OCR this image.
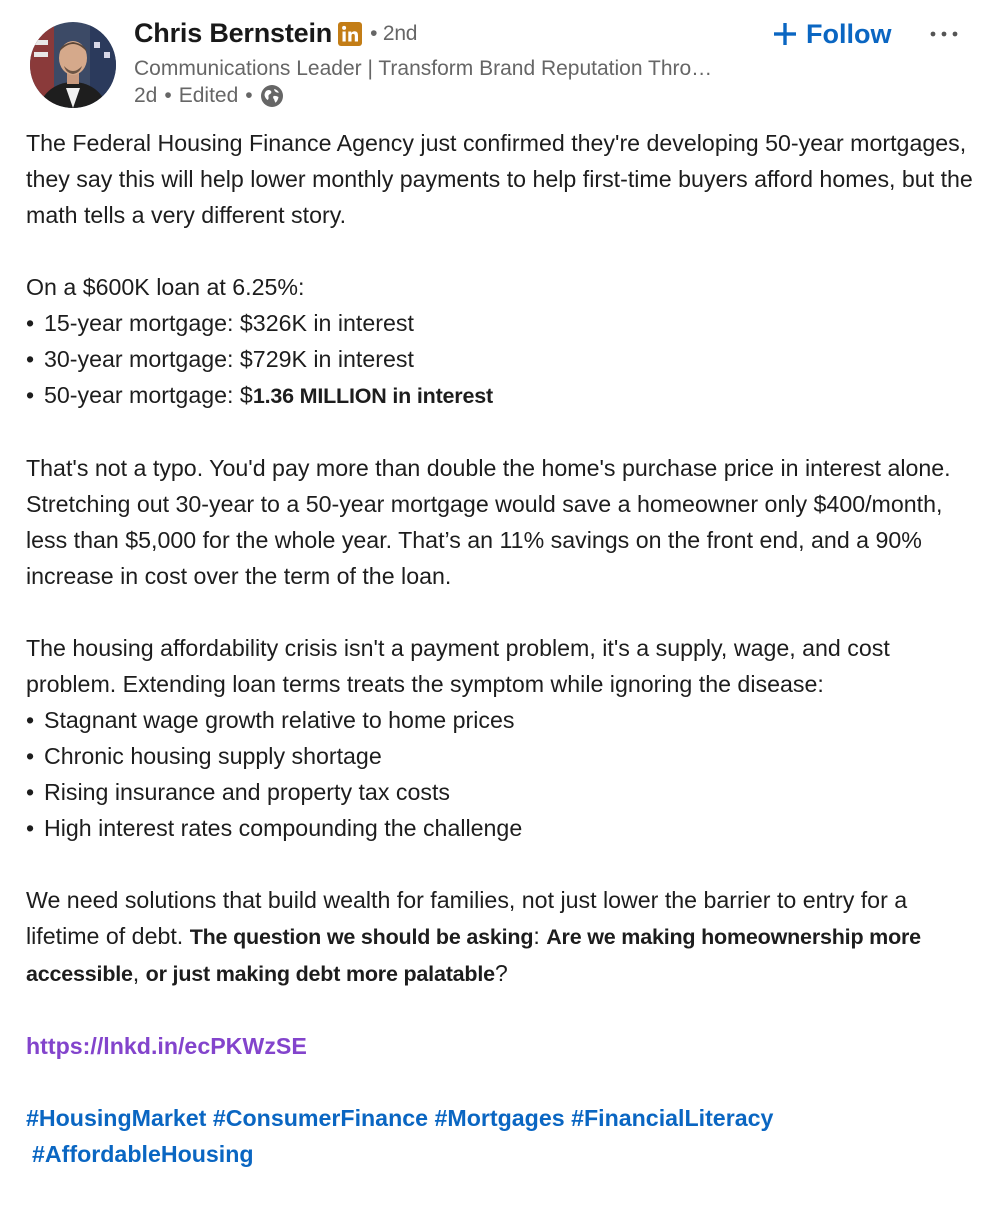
Chris Bernstein • 2nd
Communications Leader | Transform Brand Reputation Thro…
2d • Edited •
Follow

The Federal Housing Finance Agency just confirmed they're developing 50-year mortgages, they say this will help lower monthly payments to help first-time buyers afford homes, but the math tells a very different story.

On a $600K loan at 6.25%:

• 15-year mortgage: $326K in interest

• 30-year mortgage: $729K in interest

• 50-year mortgage: $1.36 MILLION in interest

That's not a typo. You'd pay more than double the home's purchase price in interest alone. Stretching out 30-year to a 50-year mortgage would save a homeowner only $400/month, less than $5,000 for the whole year. That’s an 11% savings on the front end, and a 90% increase in cost over the term of the loan.

The housing affordability crisis isn't a payment problem, it's a supply, wage, and cost problem. Extending loan terms treats the symptom while ignoring the disease:

• Stagnant wage growth relative to home prices

• Chronic housing supply shortage

• Rising insurance and property tax costs

• High interest rates compounding the challenge

We need solutions that build wealth for families, not just lower the barrier to entry for a lifetime of debt. The question we should be asking: Are we making homeownership more accessible, or just making debt more palatable?

https://lnkd.in/ecPKWzSE

#HousingMarket #ConsumerFinance #Mortgages #FinancialLiteracy
#AffordableHousing
